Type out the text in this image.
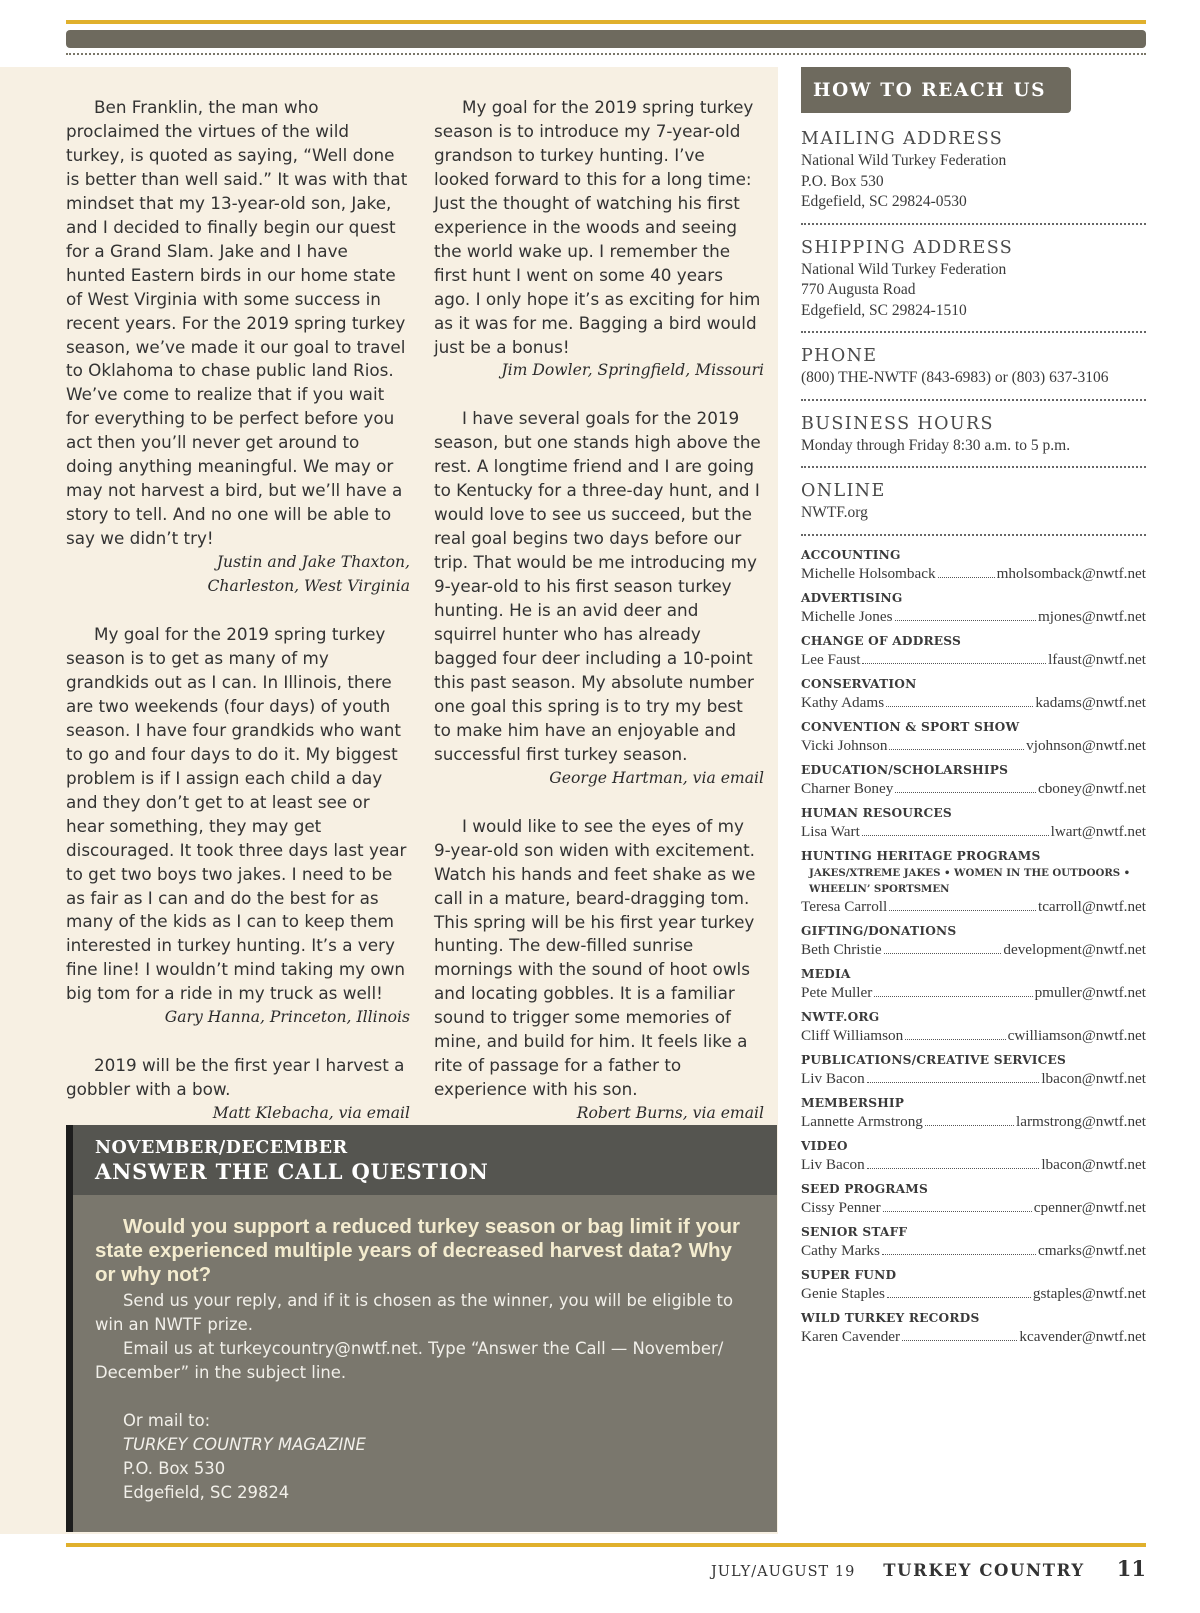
Ben Franklin, the man who proclaimed the virtues of the wild turkey, is quoted as saying, “Well done is better than well said.” It was with that mindset that my 13-year-old son, Jake, and I decided to finally begin our quest for a Grand Slam. Jake and I have hunted Eastern birds in our home state of West Virginia with some success in recent years. For the 2019 spring turkey season, we’ve made it our goal to travel to Oklahoma to chase public land Rios. We’ve come to realize that if you wait for everything to be perfect before you act then you’ll never get around to doing anything meaningful. We may or may not harvest a bird, but we’ll have a story to tell. And no one will be able to say we didn’t try!

Justin and Jake Thaxton,
Charleston, West Virginia

My goal for the 2019 spring turkey season is to get as many of my grandkids out as I can. In Illinois, there are two weekends (four days) of youth season. I have four grandkids who want to go and four days to do it. My biggest problem is if I assign each child a day and they don’t get to at least see or hear something, they may get discouraged. It took three days last year to get two boys two jakes. I need to be as fair as I can and do the best for as many of the kids as I can to keep them interested in turkey hunting. It’s a very fine line! I wouldn’t mind taking my own big tom for a ride in my truck as well!

Gary Hanna, Princeton, Illinois

2019 will be the first year I harvest a gobbler with a bow.

Matt Klebacha, via email

My goal for the 2019 spring turkey season is to introduce my 7-year-old grandson to turkey hunting. I’ve looked forward to this for a long time: Just the thought of watching his first experience in the woods and seeing the world wake up. I remember the first hunt I went on some 40 years ago. I only hope it’s as exciting for him as it was for me. Bagging a bird would just be a bonus!

Jim Dowler, Springfield, Missouri

I have several goals for the 2019 season, but one stands high above the rest. A longtime friend and I are going to Kentucky for a three-day hunt, and I would love to see us succeed, but the real goal begins two days before our trip. That would be me introducing my 9-year-old to his first season turkey hunting. He is an avid deer and squirrel hunter who has already bagged four deer including a 10-point this past season. My absolute number one goal this spring is to try my best to make him have an enjoyable and successful first turkey season.

George Hartman, via email

I would like to see the eyes of my 9-year-old son widen with excitement. Watch his hands and feet shake as we call in a mature, beard-dragging tom. This spring will be his first year turkey hunting. The dew-filled sunrise mornings with the sound of hoot owls and locating gobbles. It is a familiar sound to trigger some memories of mine, and build for him. It feels like a rite of passage for a father to experience with his son.

Robert Burns, via email
NOVEMBER/DECEMBER
ANSWER THE CALL QUESTION
Would you support a reduced turkey season or bag limit if your state experienced multiple years of decreased harvest data? Why or why not?

Send us your reply, and if it is chosen as the winner, you will be eligible to win an NWTF prize.

Email us at turkeycountry@nwtf.net. Type “Answer the Call — November/ December” in the subject line.

Or mail to:
TURKEY COUNTRY MAGAZINE
P.O. Box 530
Edgefield, SC 29824
HOW TO REACH US
MAILING ADDRESS
National Wild Turkey Federation
P.O. Box 530
Edgefield, SC 29824-0530
SHIPPING ADDRESS
National Wild Turkey Federation
770 Augusta Road
Edgefield, SC 29824-1510
PHONE
(800) THE-NWTF (843-6983) or (803) 637-3106
BUSINESS HOURS
Monday through Friday 8:30 a.m. to 5 p.m.
ONLINE
NWTF.org
ACCOUNTING
Michelle Holsomback	mholsomback@nwtf.net
ADVERTISING
Michelle Jones	mjones@nwtf.net
CHANGE OF ADDRESS
Lee Faust	lfaust@nwtf.net
CONSERVATION
Kathy Adams	kadams@nwtf.net
CONVENTION & SPORT SHOW
Vicki Johnson	vjohnson@nwtf.net
EDUCATION/SCHOLARSHIPS
Charner Boney	cboney@nwtf.net
HUMAN RESOURCES
Lisa Wart	lwart@nwtf.net
HUNTING HERITAGE PROGRAMS
JAKES/XTREME JAKES • WOMEN IN THE OUTDOORS •
WHEELIN’ SPORTSMEN
Teresa Carroll	tcarroll@nwtf.net
GIFTING/DONATIONS
Beth Christie	development@nwtf.net
MEDIA
Pete Muller	pmuller@nwtf.net
NWTF.ORG
Cliff Williamson	cwilliamson@nwtf.net
PUBLICATIONS/CREATIVE SERVICES
Liv Bacon	lbacon@nwtf.net
MEMBERSHIP
Lannette Armstrong	larmstrong@nwtf.net
VIDEO
Liv Bacon	lbacon@nwtf.net
SEED PROGRAMS
Cissy Penner	cpenner@nwtf.net
SENIOR STAFF
Cathy Marks	cmarks@nwtf.net
SUPER FUND
Genie Staples	gstaples@nwtf.net
WILD TURKEY RECORDS
Karen Cavender	kcavender@nwtf.net
JULY/AUGUST 19 TURKEY COUNTRY 11
